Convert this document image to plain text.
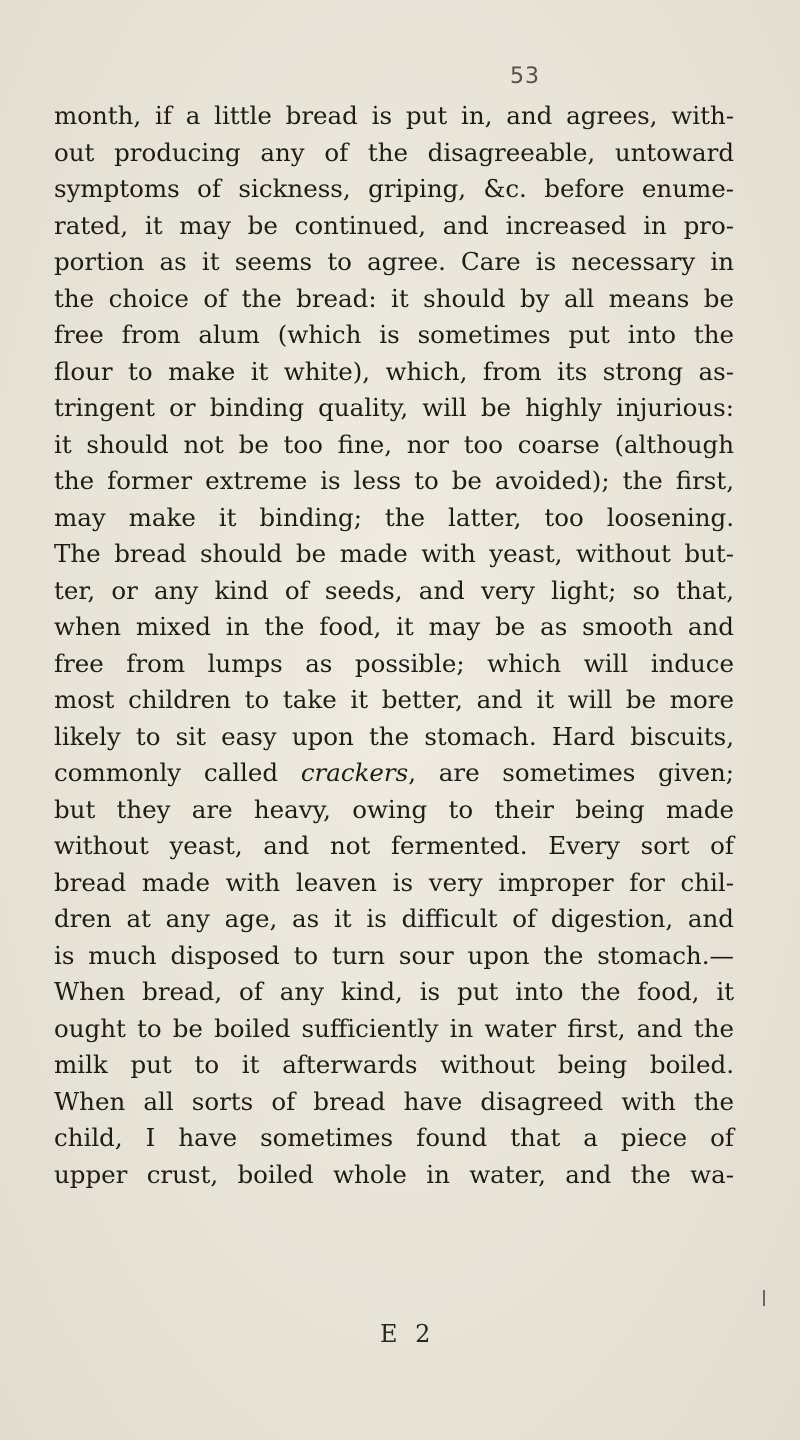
53
month, if a little bread is put in, and agrees, with-
out producing any of the disagreeable, untoward
symptoms of sickness, griping, &c. before enume-
rated, it may be continued, and increased in pro-
portion as it seems to agree. Care is necessary in
the choice of the bread: it should by all means be
free from alum (which is sometimes put into the
flour to make it white), which, from its strong as-
tringent or binding quality, will be highly injurious:
it should not be too fine, nor too coarse (although
the former extreme is less to be avoided); the first,
may make it binding; the latter, too loosening.
The bread should be made with yeast, without but-
ter, or any kind of seeds, and very light; so that,
when mixed in the food, it may be as smooth and
free from lumps as possible; which will induce
most children to take it better, and it will be more
likely to sit easy upon the stomach. Hard biscuits,
commonly called crackers, are sometimes given;
but they are heavy, owing to their being made
without yeast, and not fermented. Every sort of
bread made with leaven is very improper for chil-
dren at any age, as it is difficult of digestion, and
is much disposed to turn sour upon the stomach.—
When bread, of any kind, is put into the food, it
ought to be boiled sufficiently in water first, and the
milk put to it afterwards without being boiled.
When all sorts of bread have disagreed with the
child, I have sometimes found that a piece of
upper crust, boiled whole in water, and the wa-
E 2
